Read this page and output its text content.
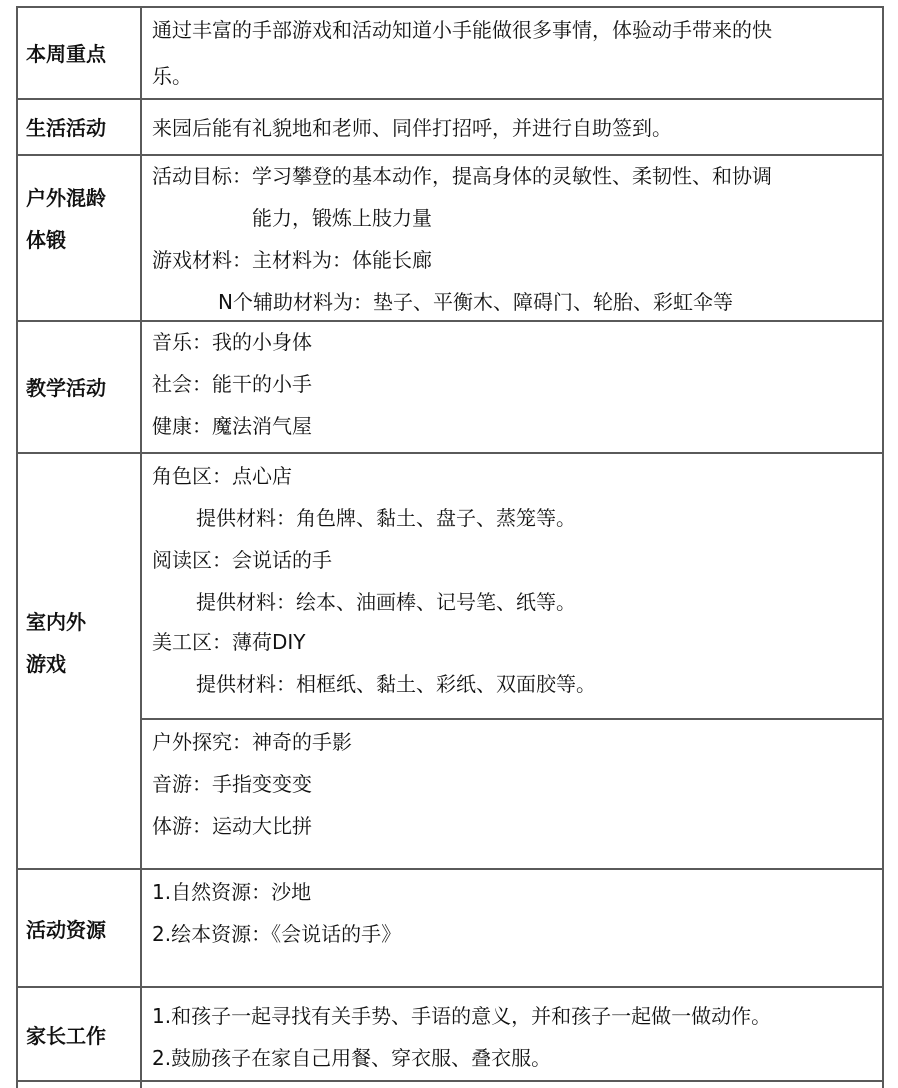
本周重点
通过丰富的手部游戏和活动知道小手能做很多事情，体验动手带来的快
乐。
生活活动 来园后能有礼貌地和老师、同伴打招呼，并进行自助签到。
户外混龄
体锻
活动目标：学习攀登的基本动作，提高身体的灵敏性、柔韧性、和协调
能力，锻炼上肢力量
游戏材料：主材料为：体能长廊
N个辅助材料为：垫子、平衡木、障碍门、轮胎、彩虹伞等
教学活动
音乐：我的小身体
社会：能干的小手
健康：魔法消气屋
室内外
游戏
角色区：点心店
提供材料：角色牌、黏土、盘子、蒸笼等。
阅读区：会说话的手
提供材料：绘本、油画棒、记号笔、纸等。
美工区：薄荷DIY
提供材料：相框纸、黏土、彩纸、双面胶等。
户外探究：神奇的手影
音游：手指变变变
体游：运动大比拼
活动资源
1.自然资源：沙地
2.绘本资源：《会说话的手》
家长工作
1.和孩子一起寻找有关手势、手语的意义，并和孩子一起做一做动作。
2.鼓励孩子在家自己用餐、穿衣服、叠衣服。
